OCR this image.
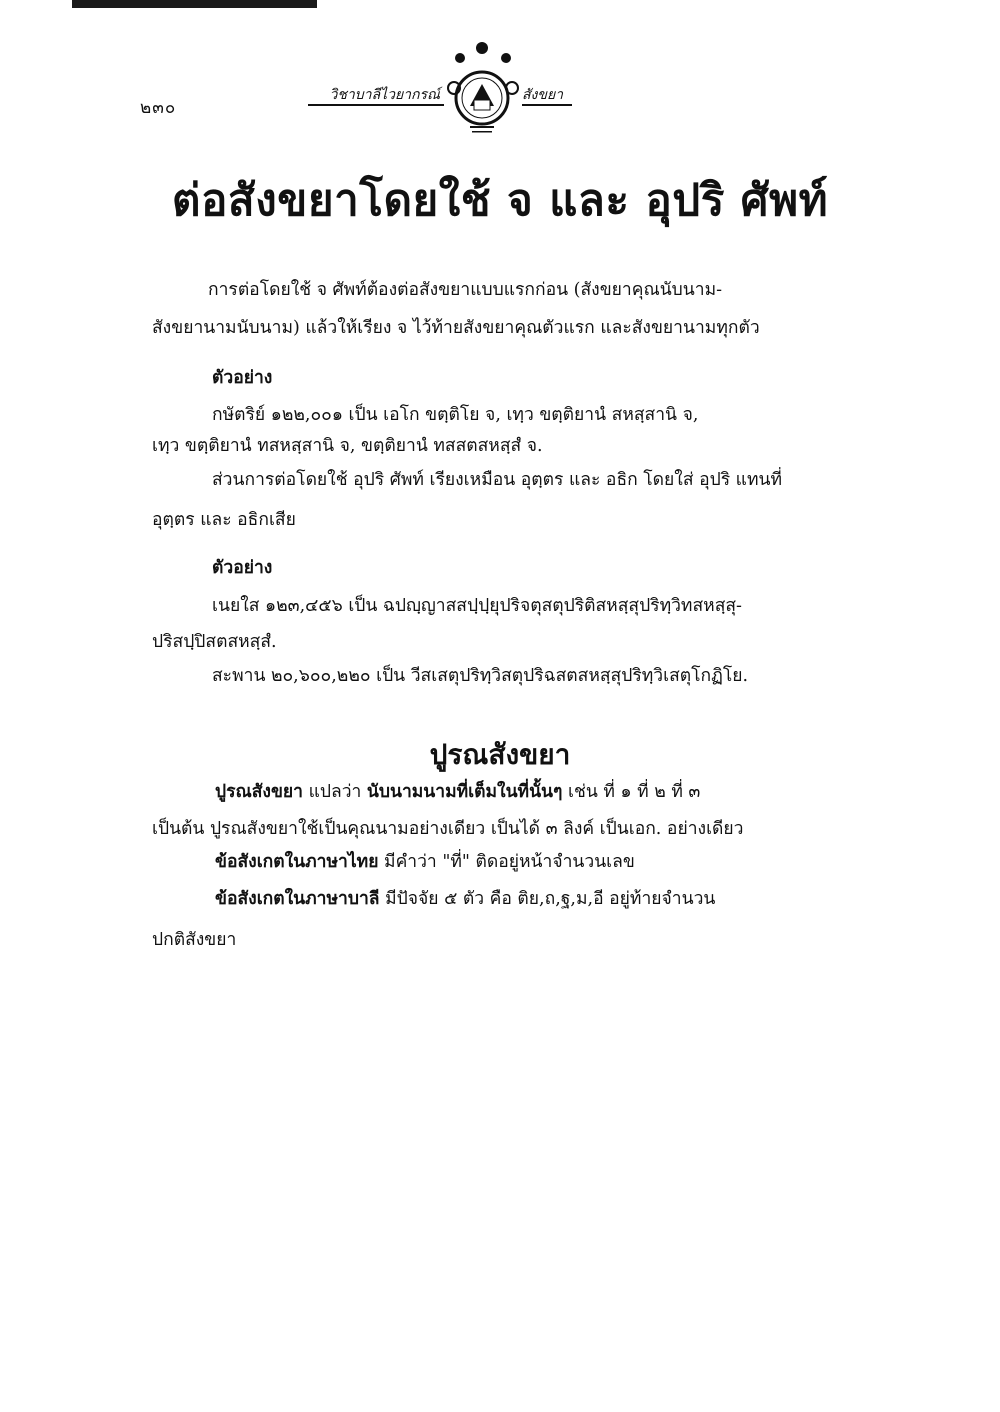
๒๓๐
วิชาบาลีไวยากรณ์	สังขยา
ต่อสังขยาโดยใช้ จ และ อุปริ ศัพท์
การต่อโดยใช้ จ ศัพท์ต้องต่อสังขยาแบบแรกก่อน (สังขยาคุณนับนาม-
สังขยานามนับนาม) แล้วให้เรียง จ ไว้ท้ายสังขยาคุณตัวแรก และสังขยานามทุกตัว
ตัวอย่าง
กษัตริย์ ๑๒๒,๐๐๑ เป็น เอโก ขตฺติโย จ, เทฺว ขตฺติยานํ สหสฺสานิ จ,
เทฺว ขตฺติยานํ ทสหสฺสานิ จ, ขตฺติยานํ ทสสตสหสฺสํ จ.
ส่วนการต่อโดยใช้ อุปริ ศัพท์ เรียงเหมือน อุตฺตร และ อธิก โดยใส่ อุปริ แทนที่
อุตฺตร และ อธิกเสีย
ตัวอย่าง
เนยใส ๑๒๓,๔๕๖ เป็น ฉปญฺญาสสปฺปฺยุปริจตุสตุปริติสหสฺสุปริทฺวิทสหสฺสุ-
ปริสปฺปิสตสหสฺสํ.
สะพาน ๒๐,๖๐๐,๒๒๐ เป็น วีสเสตุปริทฺวิสตุปริฉสตสหสฺสุปริทฺวิเสตุโกฏิโย.
ปูรณสังขยา
ปูรณสังขยา แปลว่า นับนามนามที่เต็มในที่นั้นๆ เช่น ที่ ๑ ที่ ๒ ที่ ๓
เป็นต้น ปูรณสังขยาใช้เป็นคุณนามอย่างเดียว เป็นได้ ๓ ลิงค์ เป็นเอก. อย่างเดียว
ข้อสังเกตในภาษาไทย มีคำว่า "ที่" ติดอยู่หน้าจำนวนเลข
ข้อสังเกตในภาษาบาลี มีปัจจัย ๕ ตัว คือ ติย,ถ,ฐ,ม,อี อยู่ท้ายจำนวน
ปกติสังขยา
